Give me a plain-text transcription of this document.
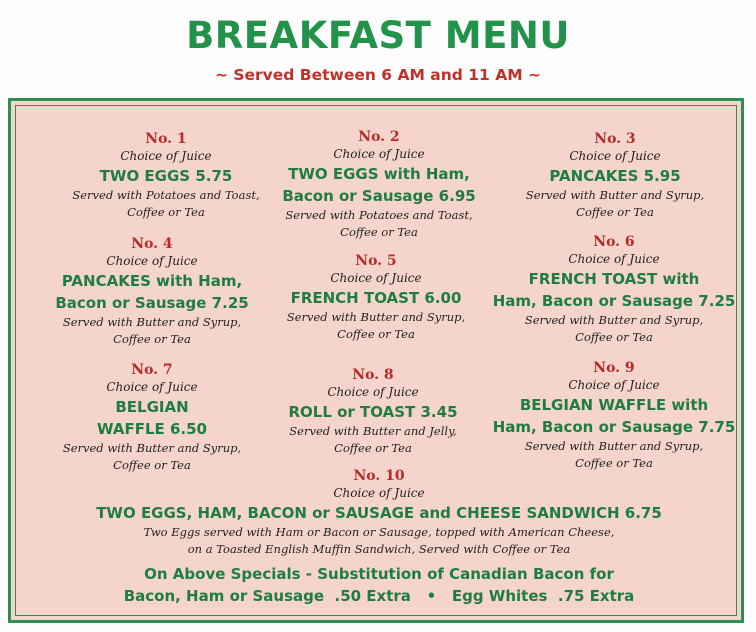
BREAKFAST MENU
~ Served Between 6 AM and 11 AM ~
No. 1
Choice of Juice
TWO EGGS 5.75
Served with Potatoes and Toast,
Coffee or Tea
No. 2
Choice of Juice
TWO EGGS with Ham,
Bacon or Sausage 6.95
Served with Potatoes and Toast,
Coffee or Tea
No. 3
Choice of Juice
PANCAKES 5.95
Served with Butter and Syrup,
Coffee or Tea
No. 4
Choice of Juice
PANCAKES with Ham,
Bacon or Sausage 7.25
Served with Butter and Syrup,
Coffee or Tea
No. 5
Choice of Juice
FRENCH TOAST 6.00
Served with Butter and Syrup,
Coffee or Tea
No. 6
Choice of Juice
FRENCH TOAST with
Ham, Bacon or Sausage 7.25
Served with Butter and Syrup,
Coffee or Tea
No. 7
Choice of Juice
BELGIAN
WAFFLE 6.50
Served with Butter and Syrup,
Coffee or Tea
No. 8
Choice of Juice
ROLL or TOAST 3.45
Served with Butter and Jelly,
Coffee or Tea
No. 9
Choice of Juice
BELGIAN WAFFLE with
Ham, Bacon or Sausage 7.75
Served with Butter and Syrup,
Coffee or Tea
No. 10
Choice of Juice
TWO EGGS, HAM, BACON or SAUSAGE and CHEESE SANDWICH 6.75
Two Eggs served with Ham or Bacon or Sausage, topped with American Cheese,
on a Toasted English Muffin Sandwich, Served with Coffee or Tea
On Above Specials - Substitution of Canadian Bacon for
Bacon, Ham or Sausage  .50 Extra   •   Egg Whites  .75 Extra
